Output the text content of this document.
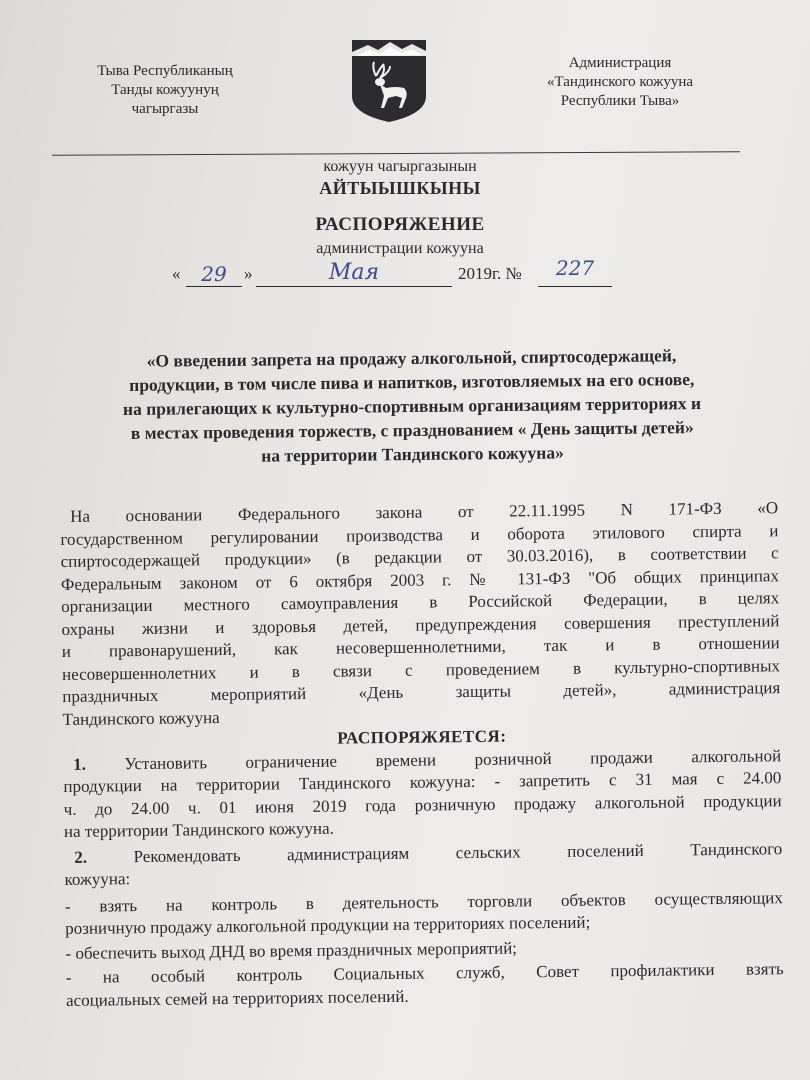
Тыва Республиканың
Танды кожуунуң
чагыргазы
Администрация
«Тандинского кожууна
Республики Тыва»
кожуун чагыргазынын
АЙТЫЫШКЫНЫ
РАСПОРЯЖЕНИЕ
администрации кожууна
«	29	»	Мая	2019г. №	227
«О введении запрета на продажу алкогольной, спиртосодержащей,
продукции, в том числе пива и напитков, изготовляемых на его основе,
на прилегающих к культурно-спортивным организациям территориях и
в местах проведения торжеств, с празднованием « День защиты детей»
на территории Тандинского кожууна»
На основании Федерального закона от 22.11.1995 N 171-ФЗ «О
государственном регулировании производства и оборота этилового спирта и
спиртосодержащей продукции» (в редакции от 30.03.2016), в соответствии с
Федеральным законом от 6 октября 2003 г. № 131-ФЗ "Об общих принципах
организации местного самоуправления в Российской Федерации, в целях
охраны жизни и здоровья детей, предупреждения совершения преступлений
и правонарушений, как несовершеннолетними, так и в отношении
несовершеннолетних и в связи с проведением в культурно-спортивных
праздничных мероприятий «День защиты детей», администрация
Тандинского кожууна
РАСПОРЯЖЯЕТСЯ:
1. Установить ограничение времени розничной продажи алкогольной
продукции на территории Тандинского кожууна: - запретить с 31 мая с 24.00
ч. до 24.00 ч. 01 июня 2019 года розничную продажу алкогольной продукции
на территории Тандинского кожууна.
2.	Рекомендовать администрациям сельских поселений Тандинского
кожууна:
- взять на контроль в деятельность торговли объектов осуществляющих
розничную продажу алкогольной продукции на территориях поселений;
- обеспечить выход ДНД во время праздничных мероприятий;
- на особый контроль Социальных служб, Совет профилактики взять
асоциальных семей на территориях поселений.
